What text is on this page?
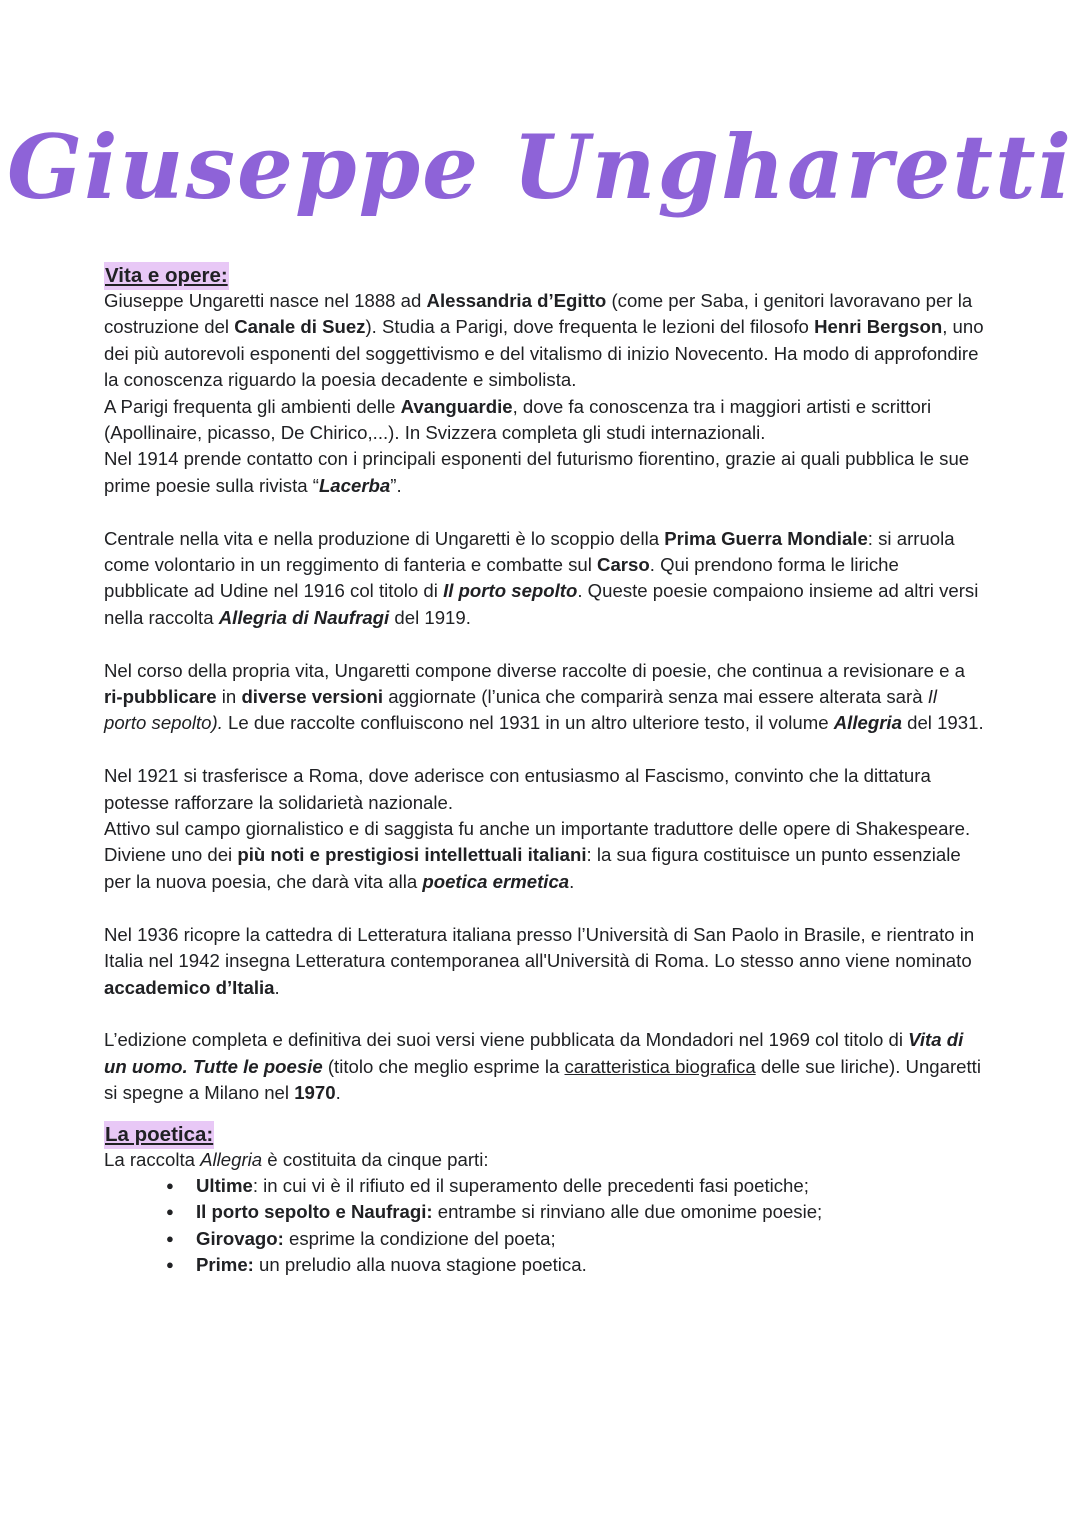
Giuseppe Ungharetti
Vita e opere:

Giuseppe Ungaretti nasce nel 1888 ad Alessandria d’Egitto (come per Saba, i genitori lavoravano per la costruzione del Canale di Suez). Studia a Parigi, dove frequenta le lezioni del filosofo Henri Bergson, uno dei più autorevoli esponenti del soggettivismo e del vitalismo di inizio Novecento. Ha modo di approfondire la conoscenza riguardo la poesia decadente e simbolista.

A Parigi frequenta gli ambienti delle Avanguardie, dove fa conoscenza tra i maggiori artisti e scrittori (Apollinaire, picasso, De Chirico,...). In Svizzera completa gli studi internazionali.

Nel 1914 prende contatto con i principali esponenti del futurismo fiorentino, grazie ai quali pubblica le sue prime poesie sulla rivista “Lacerba”.

Centrale nella vita e nella produzione di Ungaretti è lo scoppio della Prima Guerra Mondiale: si arruola come volontario in un reggimento di fanteria e combatte sul Carso. Qui prendono forma le liriche pubblicate ad Udine nel 1916 col titolo di Il porto sepolto. Queste poesie compaiono insieme ad altri versi nella raccolta Allegria di Naufragi del 1919.

Nel corso della propria vita, Ungaretti compone diverse raccolte di poesie, che continua a revisionare e a ri-pubblicare in diverse versioni aggiornate (l’unica che comparirà senza mai essere alterata sarà Il porto sepolto). Le due raccolte confluiscono nel 1931 in un altro ulteriore testo, il volume Allegria del 1931.

Nel 1921 si trasferisce a Roma, dove aderisce con entusiasmo al Fascismo, convinto che la dittatura potesse rafforzare la solidarietà nazionale.

Attivo sul campo giornalistico e di saggista fu anche un importante traduttore delle opere di Shakespeare. Diviene uno dei più noti e prestigiosi intellettuali italiani: la sua figura costituisce un punto essenziale per la nuova poesia, che darà vita alla poetica ermetica.

Nel 1936 ricopre la cattedra di Letteratura italiana presso l’Università di San Paolo in Brasile, e rientrato in Italia nel 1942 insegna Letteratura contemporanea all'Università di Roma. Lo stesso anno viene nominato accademico d’Italia.

L’edizione completa e definitiva dei suoi versi viene pubblicata da Mondadori nel 1969 col titolo di Vita di un uomo. Tutte le poesie (titolo che meglio esprime la caratteristica biografica delle sue liriche). Ungaretti si spegne a Milano nel 1970.

La poetica:

La raccolta Allegria è costituita da cinque parti:

● Ultime: in cui vi è il rifiuto ed il superamento delle precedenti fasi poetiche;
● Il porto sepolto e Naufragi: entrambe si rinviano alle due omonime poesie;
● Girovago: esprime la condizione del poeta;
● Prime: un preludio alla nuova stagione poetica.
